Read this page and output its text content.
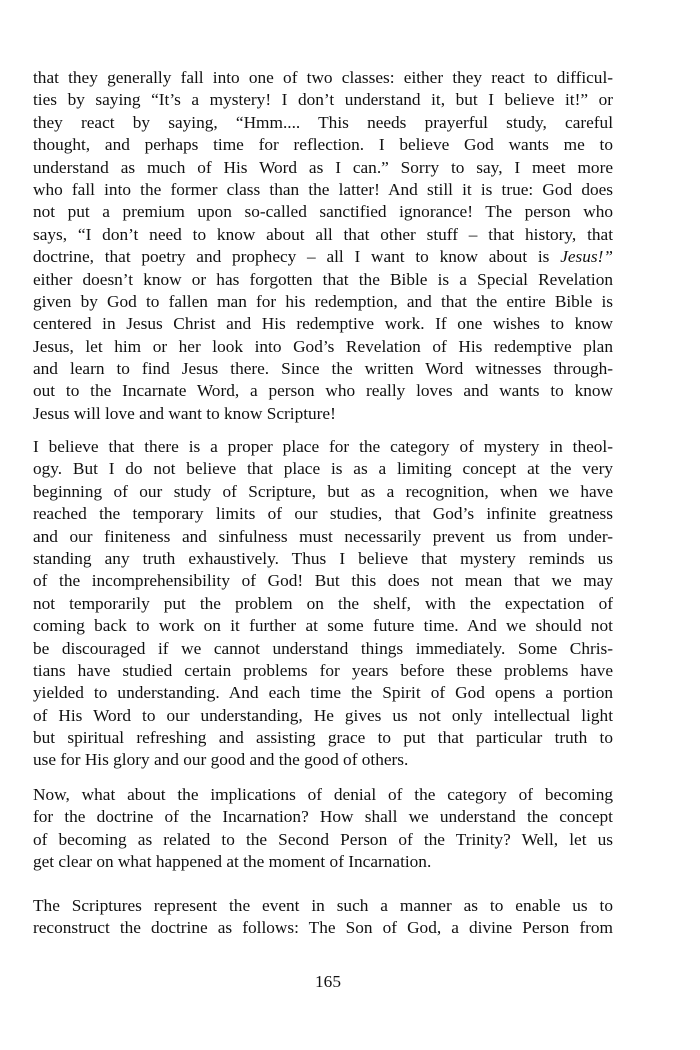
that they generally fall into one of two classes: either they react to difficul-
ties by saying “It’s a mystery! I don’t understand it, but I believe it!” or
they react by saying, “Hmm.... This needs prayerful study, careful
thought, and perhaps time for reflection. I believe God wants me to
understand as much of His Word as I can.” Sorry to say, I meet more
who fall into the former class than the latter! And still it is true: God does
not put a premium upon so-called sanctified ignorance! The person who
says, “I don’t need to know about all that other stuff – that history, that
doctrine, that poetry and prophecy – all I want to know about is Jesus!”
either doesn’t know or has forgotten that the Bible is a Special Revelation
given by God to fallen man for his redemption, and that the entire Bible is
centered in Jesus Christ and His redemptive work. If one wishes to know
Jesus, let him or her look into God’s Revelation of His redemptive plan
and learn to find Jesus there. Since the written Word witnesses through-
out to the Incarnate Word, a person who really loves and wants to know
Jesus will love and want to know Scripture!
I believe that there is a proper place for the category of mystery in theol-
ogy. But I do not believe that place is as a limiting concept at the very
beginning of our study of Scripture, but as a recognition, when we have
reached the temporary limits of our studies, that God’s infinite greatness
and our finiteness and sinfulness must necessarily prevent us from under-
standing any truth exhaustively. Thus I believe that mystery reminds us
of the incomprehensibility of God! But this does not mean that we may
not temporarily put the problem on the shelf, with the expectation of
coming back to work on it further at some future time. And we should not
be discouraged if we cannot understand things immediately. Some Chris-
tians have studied certain problems for years before these problems have
yielded to understanding. And each time the Spirit of God opens a portion
of His Word to our understanding, He gives us not only intellectual light
but spiritual refreshing and assisting grace to put that particular truth to
use for His glory and our good and the good of others.
Now, what about the implications of denial of the category of becoming
for the doctrine of the Incarnation? How shall we understand the concept
of becoming as related to the Second Person of the Trinity? Well, let us
get clear on what happened at the moment of Incarnation.
The Scriptures represent the event in such a manner as to enable us to
reconstruct the doctrine as follows: The Son of God, a divine Person from
165
